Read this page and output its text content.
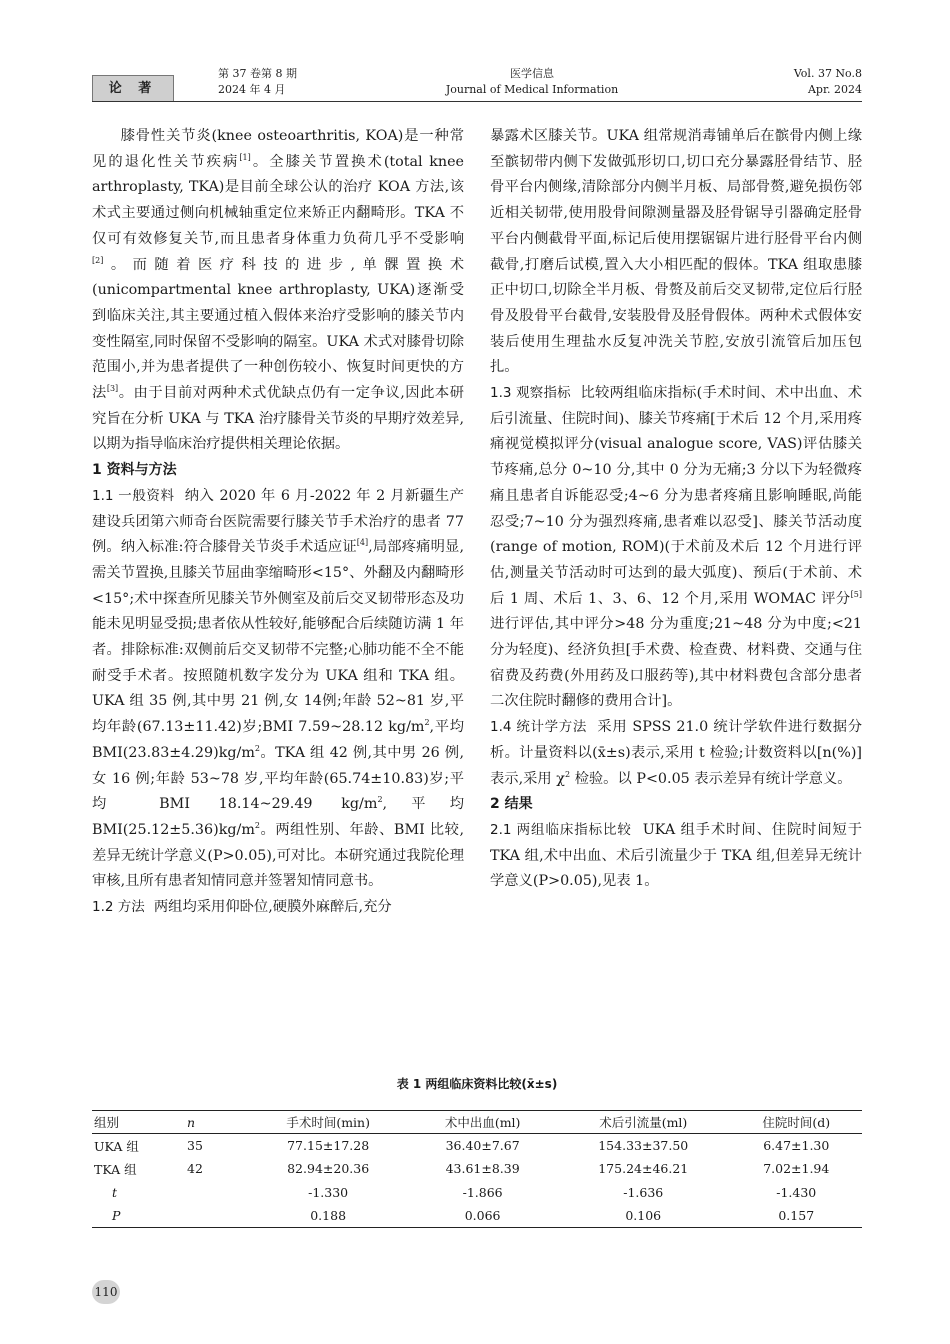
论 著
第 37 卷第 8 期
2024 年 4 月
医学信息
Journal of Medical Information
Vol. 37 No.8
Apr. 2024

膝骨性关节炎(knee osteoarthritis, KOA)是一种常见的退化性关节疾病[1]。全膝关节置换术(total knee arthroplasty, TKA)是目前全球公认的治疗 KOA 方法,该术式主要通过侧向机械轴重定位来矫正内翻畸形。TKA 不仅可有效修复关节,而且患者身体重力负荷几乎不受影响[2]。而随着医疗科技的进步,单髁置换术(unicompartmental knee arthroplasty, UKA)逐渐受到临床关注,其主要通过植入假体来治疗受影响的膝关节内变性隔室,同时保留不受影响的隔室。UKA 术式对膝骨切除范围小,并为患者提供了一种创伤较小、恢复时间更快的方法[3]。由于目前对两种术式优缺点仍有一定争议,因此本研究旨在分析 UKA 与 TKA 治疗膝骨关节炎的早期疗效差异,以期为指导临床治疗提供相关理论依据。

1 资料与方法

1.1 一般资料 纳入 2020 年 6 月-2022 年 2 月新疆生产建设兵团第六师奇台医院需要行膝关节手术治疗的患者 77 例。纳入标准:符合膝骨关节炎手术适应证[4],局部疼痛明显,需关节置换,且膝关节屈曲挛缩畸形<15°、外翻及内翻畸形<15°;术中探查所见膝关节外侧室及前后交叉韧带形态及功能未见明显受损;患者依从性较好,能够配合后续随访满 1 年者。排除标准:双侧前后交叉韧带不完整;心肺功能不全不能耐受手术者。按照随机数字发分为 UKA 组和 TKA 组。UKA 组 35 例,其中男 21 例,女 14例;年龄 52~81 岁,平均年龄(67.13±11.42)岁;BMI 7.59~28.12 $kg/m^2$,平均 $BMI(23.83\pm 4.29)kg/m^2$。TKA 组 42 例,其中男 26 例,女 16 例;年龄 53~78 岁,平均年龄(65.74±10.83)岁;平均 BMI 18.14~29.49 $kg/m^2$,平均 $BMI(25.12\pm 5.36)kg/m^2$。两组性别、年龄、BMI 比较,差异无统计学意义(P>0.05),可对比。本研究通过我院伦理审核,且所有患者知情同意并签署知情同意书。

1.2 方法 两组均采用仰卧位,硬膜外麻醉后,充分

暴露术区膝关节。UKA 组常规消毒铺单后在髌骨内侧上缘至髌韧带内侧下发做弧形切口,切口充分暴露胫骨结节、胫骨平台内侧缘,清除部分内侧半月板、局部骨赘,避免损伤邻近相关韧带,使用股骨间隙测量器及胫骨锯导引器确定胫骨平台内侧截骨平面,标记后使用摆锯锯片进行胫骨平台内侧截骨,打磨后试模,置入大小相匹配的假体。TKA 组取患膝正中切口,切除全半月板、骨赘及前后交叉韧带,定位后行胫骨及股骨平台截骨,安装股骨及胫骨假体。两种术式假体安装后使用生理盐水反复冲洗关节腔,安放引流管后加压包扎。

1.3 观察指标 比较两组临床指标(手术时间、术中出血、术后引流量、住院时间)、膝关节疼痛[于术后 12 个月,采用疼痛视觉模拟评分(visual analogue score, VAS)评估膝关节疼痛,总分 0~10 分,其中 0 分为无痛;3 分以下为轻微疼痛且患者自诉能忍受;4~6 分为患者疼痛且影响睡眠,尚能忍受;7~10 分为强烈疼痛,患者难以忍受]、膝关节活动度(range of motion, ROM)(于术前及术后 12 个月进行评估,测量关节活动时可达到的最大弧度)、预后(于术前、术后 1 周、术后 1、3、6、12 个月,采用 WOMAC 评分[5]进行评估,其中评分>48 分为重度;21~48 分为中度;<21 分为轻度)、经济负担[手术费、检查费、材料费、交通与住宿费及药费(外用药及口服药等),其中材料费包含部分患者二次住院时翻修的费用合计]。

1.4 统计学方法 采用 SPSS 21.0 统计学软件进行数据分析。计量资料以(x̄±s)表示,采用 t 检验;计数资料以[n(%)]表示,采用 $\chi^2$ 检验。以 P<0.05 表示差异有统计学意义。

2 结果

2.1 两组临床指标比较 UKA 组手术时间、住院时间短于 TKA 组,术中出血、术后引流量少于 TKA 组,但差异无统计学意义(P>0.05),见表 1。

表 1 两组临床资料比较(x̄±s)
组别	n	手术时间(min)	术中出血(ml)	术后引流量(ml)	住院时间(d)
UKA 组	35	77.15±17.28	36.40±7.67	154.33±37.50	6.47±1.30
TKA 组	42	82.94±20.36	43.61±8.39	175.24±46.21	7.02±1.94
t		-1.330	-1.866	-1.636	-1.430
P		0.188	0.066	0.106	0.157
110
